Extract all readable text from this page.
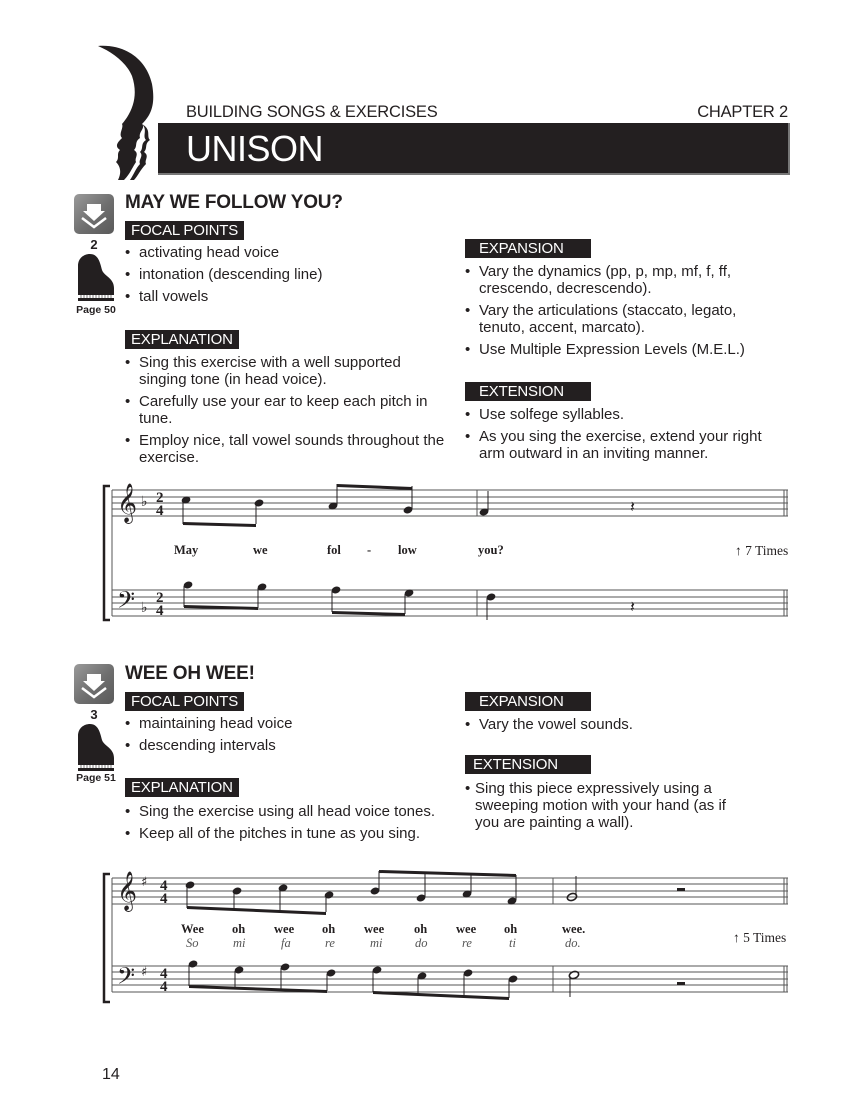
BUILDING SONGS & EXERCISES	CHAPTER 2
UNISON
2
Page 50
MAY WE FOLLOW YOU?
FOCAL POINTS
• activating head voice
• intonation (descending line)
• tall vowels
EXPLANATION
• Sing this exercise with a well supported singing tone (in head voice).
• Carefully use your ear to keep each pitch in tune.
• Employ nice, tall vowel sounds throughout the exercise.
EXPANSION
• Vary the dynamics (pp, p, mp, mf, f, ff, crescendo, decrescendo).
• Vary the articulations (staccato, legato, tenuto, accent, marcato).
• Use Multiple Expression Levels (M.E.L.)
EXTENSION
• Use solfege syllables.
• As you sing the exercise, extend your right arm outward in an inviting manner.
𝄞 ♭ 2
4
𝄢 ♭
2
4
𝄽
𝄽
May	we	fol - low	you?	↑ 7 Times
3
Page 51
WEE OH WEE!
FOCAL POINTS
• maintaining head voice
• descending intervals
EXPLANATION
• Sing the exercise using all head voice tones.
• Keep all of the pitches in tune as you sing.
EXPANSION
• Vary the vowel sounds.
EXTENSION
• Sing this piece expressively using a sweeping motion with your hand (as if you are painting a wall).
𝄞 ♯ 4
4
𝄢 ♯ 4
4
Wee oh wee oh wee oh wee oh	wee.
So	mi	fa	re	mi	do	re	ti	do.	↑ 5 Times
14
